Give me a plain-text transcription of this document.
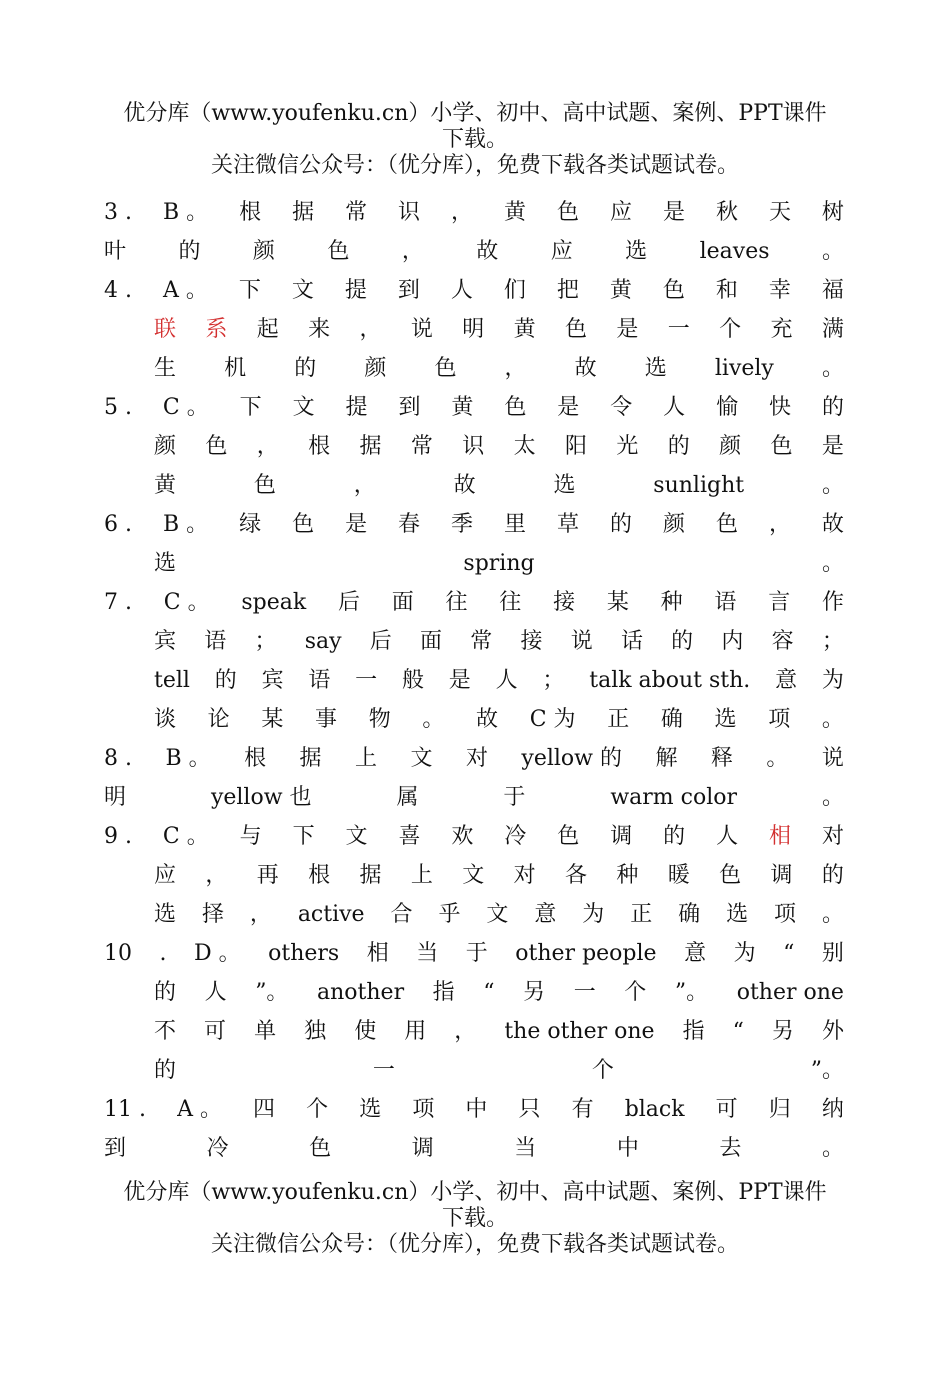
优分库（www.youfenku.cn）小学、初中、高中试题、案例、PPT课件
下载。
关注微信公众号：（优分库），免费下载各类试题试卷。
3 . B 。 根 据 常 识 ， 黄 色 应 是 秋 天 树
叶 的 颜 色 ， 故 应 选 leaves 。
4 . A 。 下 文 提 到 人 们 把 黄 色 和 幸 福
联 系 起 来 ， 说 明 黄 色 是 一 个 充 满
生 机 的 颜 色 ， 故 选 lively 。
5 . C 。 下 文 提 到 黄 色 是 令 人 愉 快 的
颜 色 ， 根 据 常 识 太 阳 光 的 颜 色 是
黄	色	，	故	选	sunlight	。
6 . B 。 绿 色 是 春 季 里 草 的 颜 色 ， 故
选	spring	。
7 . C 。 speak 后 面 往 往 接 某 种 语 言 作
宾 语 ； say 后 面 常 接 说 话 的 内 容 ；
tell 的 宾 语 一 般 是 人 ； talk about sth. 意 为
谈 论 某 事 物 。 故 C 为 正 确 选 项 。
8 . B 。 根 据 上 文 对 yellow 的 解 释 。 说
明	yellow 也	属	于	warm color	。
9 . C 。 与 下 文 喜 欢 冷 色 调 的 人 相 对
应 ， 再 根 据 上 文 对 各 种 暖 色 调 的
选 择 ， active 合 乎 文 意 为 正 确 选 项 。
10 . D 。 others 相 当 于 other people 意 为 “ 别
的 人 ”。 another 指 “ 另 一 个 ”。 other one
不 可 单 独 使 用 ， the other one 指 “ 另 外
的	一	个	”。
11 . A 。 四 个 选 项 中 只 有 black 可 归 纳
到	冷	色	调	当	中	去	。
优分库（www.youfenku.cn）小学、初中、高中试题、案例、PPT课件
下载。
关注微信公众号：（优分库），免费下载各类试题试卷。
